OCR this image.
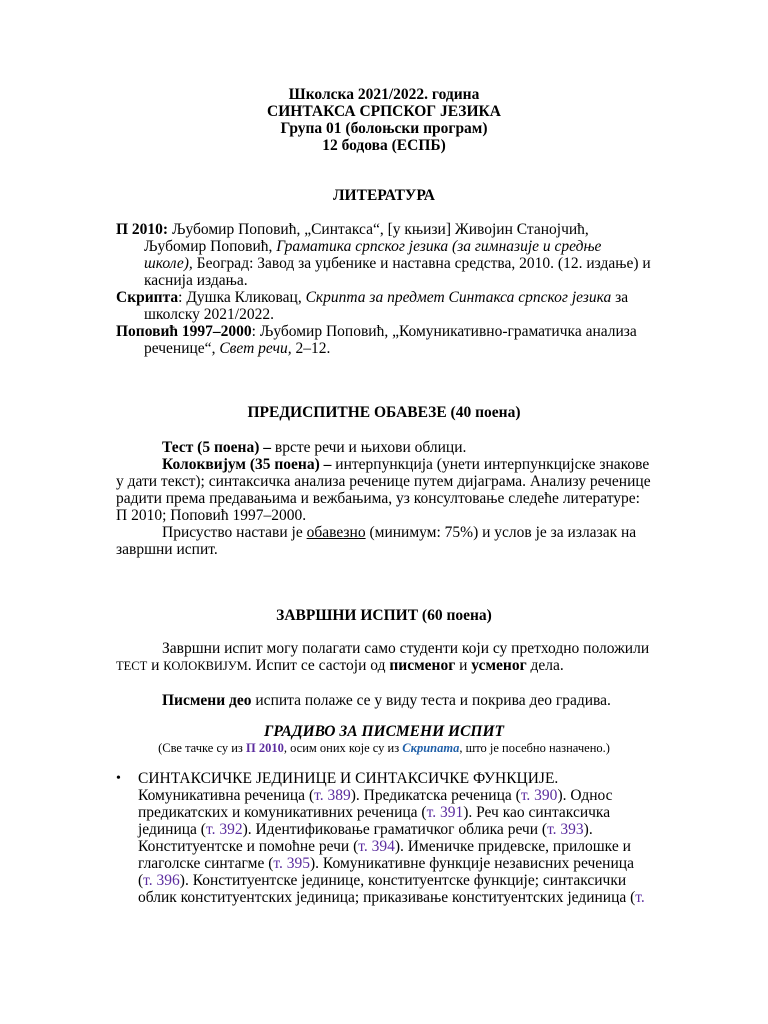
Школска 2021/2022. година
СИНТАКСА СРПСКОГ ЈЕЗИКА
Група 01 (болоњски програм)
12 бодова (ЕСПБ)
ЛИТЕРАТУРА

П 2010: Љубомир Поповић, „Синтакса“, [у књизи] Живојин Станојчић, Љубомир Поповић, Граматика српског језика (за гимназије и средње школе), Београд: Завод за уџбенике и наставна средства, 2010. (12. издање) и каснија издања.

Скрипта: Душка Кликовац, Скрипта за предмет Синтакса српског језика за школску 2021/2022.

Поповић 1997–2000: Љубомир Поповић, „Комуникативно-граматичка анализа реченице“, Свет речи, 2–12.

ПРЕДИСПИТНЕ ОБАВЕЗЕ (40 поена)

Тест (5 поена) – врсте речи и њихови облици.

Колоквијум (35 поена) – интерпункција (унети интерпункцијске знакове у дати текст); синтаксичка анализа реченице путем дијаграма. Анализу реченице радити према предавањима и вежбањима, уз консултовање следеће литературе: П 2010; Поповић 1997–2000.

Присуство настави је обавезно (минимум: 75%) и услов је за излазак на завршни испит.

ЗАВРШНИ ИСПИТ (60 поена)

Завршни испит могу полагати само студенти који су претходно положили ТЕСТ и КОЛОКВИЈУМ. Испит се састоји од писменог и усменог дела.

Писмени део испита полаже се у виду теста и покрива део градива.

ГРАДИВО ЗА ПИСМЕНИ ИСПИТ
(Све тачке су из П 2010, осим оних које су из Скрипата, што је посебно назначено.)
•	СИНТАКСИЧКЕ ЈЕДИНИЦЕ И СИНТАКСИЧКЕ ФУНКЦИЈЕ. Комуникативна реченица (т. 389). Предикатска реченица (т. 390). Однос предикатских и комуникативних реченица (т. 391). Реч као синтаксичка јединица (т. 392). Идентификовање граматичког облика речи (т. 393). Конституентске и помоћне речи (т. 394). Именичке придевске, прилошке и глаголске синтагме (т. 395). Комуникативне функције независних реченица (т. 396). Конституентске јединице, конституентске функције; синтаксички облик конституентских јединица; приказивање конституентских јединица (т.
